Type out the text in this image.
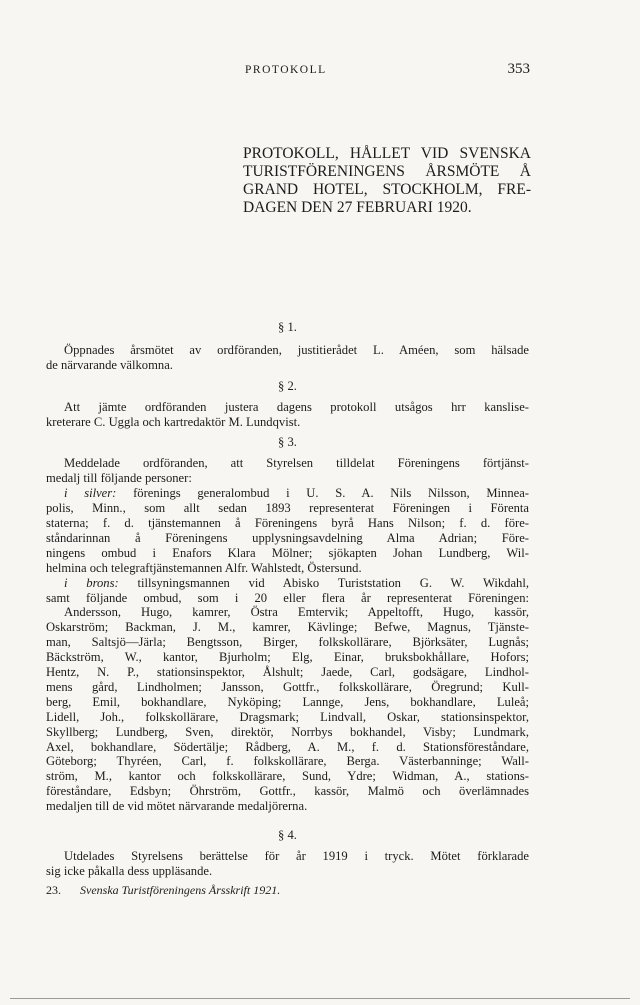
PROTOKOLL	353
PROTOKOLL, HÅLLET VID SVENSKA
TURISTFÖRENINGENS ÅRSMÖTE Å
GRAND HOTEL, STOCKHOLM, FRE-
DAGEN DEN 27 FEBRUARI 1920.
§ 1.
Öppnades årsmötet av ordföranden, justitierådet L. Améen, som hälsade
de närvarande välkomna.
§ 2.
Att jämte ordföranden justera dagens protokoll utsågos hrr kanslise-
kreterare C. Uggla och kartredaktör M. Lundqvist.
§ 3.
Meddelade ordföranden, att Styrelsen tilldelat Föreningens förtjänst-
medalj till följande personer:
i silver: förenings generalombud i U. S. A. Nils Nilsson, Minnea-
polis, Minn., som allt sedan 1893 representerat Föreningen i Förenta
staterna; f. d. tjänstemannen å Föreningens byrå Hans Nilson; f. d. före-
ståndarinnan å Föreningens upplysningsavdelning Alma Adrian; Före-
ningens ombud i Enafors Klara Mölner; sjökapten Johan Lundberg, Wil-
helmina och telegraftjänstemannen Alfr. Wahlstedt, Östersund.
i brons: tillsyningsmannen vid Abisko Turiststation G. W. Wikdahl,
samt följande ombud, som i 20 eller flera år representerat Föreningen:
Andersson, Hugo, kamrer, Östra Emtervik; Appeltofft, Hugo, kassör,
Oskarström; Backman, J. M., kamrer, Kävlinge; Befwe, Magnus, Tjänste-
man, Saltsjö—Järla; Bengtsson, Birger, folkskollärare, Björksäter, Lugnås;
Bäckström, W., kantor, Bjurholm; Elg, Einar, bruksbokhållare, Hofors;
Hentz, N. P., stationsinspektor, Ålshult; Jaede, Carl, godsägare, Lindhol-
mens gård, Lindholmen; Jansson, Gottfr., folkskollärare, Öregrund; Kull-
berg, Emil, bokhandlare, Nyköping; Lannge, Jens, bokhandlare, Luleå;
Lidell, Joh., folkskollärare, Dragsmark; Lindvall, Oskar, stationsinspektor,
Skyllberg; Lundberg, Sven, direktör, Norrbys bokhandel, Visby; Lundmark,
Axel, bokhandlare, Södertälje; Rådberg, A. M., f. d. Stationsföreståndare,
Göteborg; Thyréen, Carl, f. folkskollärare, Berga. Västerbanninge; Wall-
ström, M., kantor och folkskollärare, Sund, Ydre; Widman, A., stations-
föreståndare, Edsbyn; Öhrström, Gottfr., kassör, Malmö och överlämnades
medaljen till de vid mötet närvarande medaljörerna.
§ 4.
Utdelades Styrelsens berättelse för år 1919 i tryck. Mötet förklarade
sig icke påkalla dess uppläsande.
23. Svenska Turistföreningens Årsskrift 1921.
